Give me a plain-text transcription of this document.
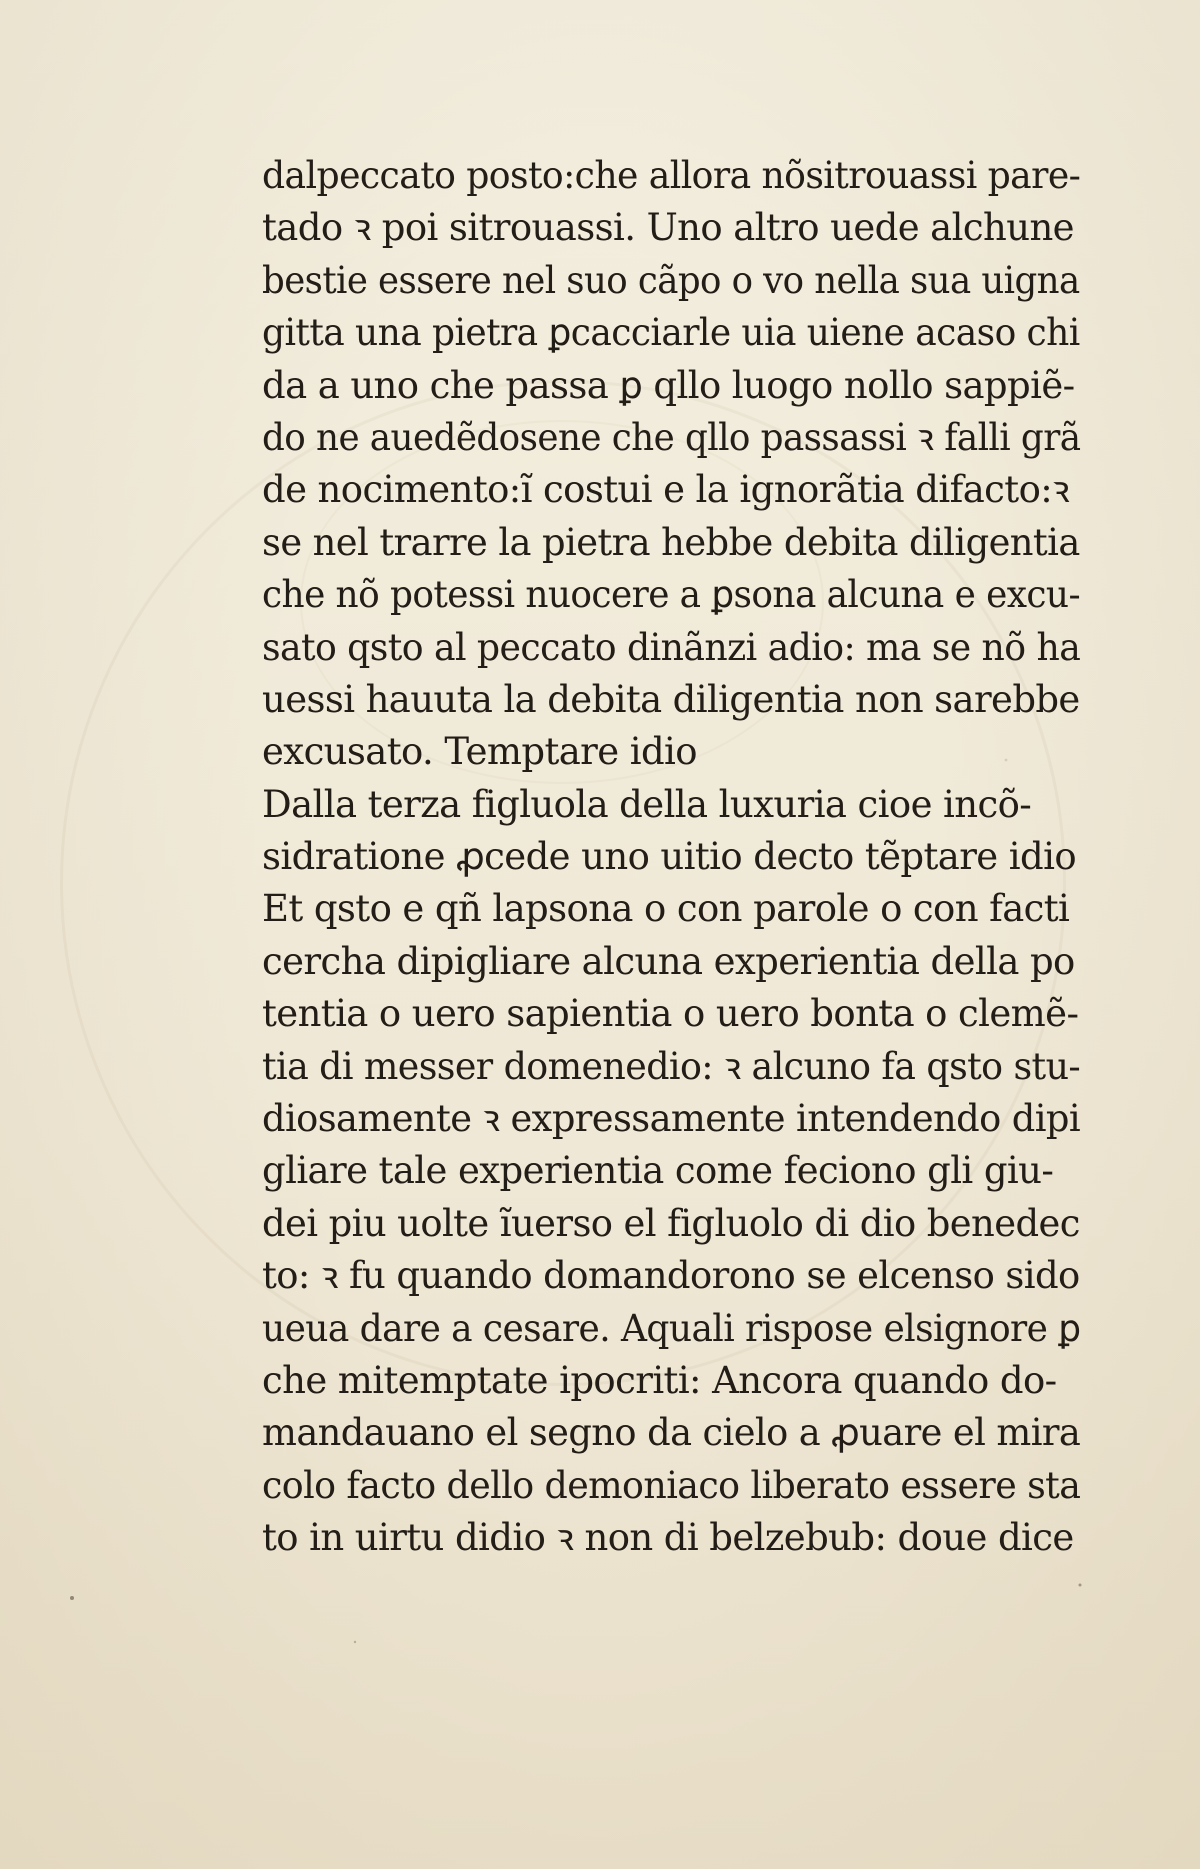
dalpeccato posto:che allora nõsitrouassi pare‐
tado ꝛ poi sitrouassi. Uno altro uede alchune
bestie essere nel suo cãpo o vo nella sua uigna
gitta una pietra ꝑcacciarle uia uiene acaso chi
da a uno che passa ꝑ qllo luogo nollo sappiẽ‐
do ne auedẽdosene che qllo passassi ꝛ falli grã
de nocimento:ĩ costui e la ignorãtia difacto:ꝛ
se nel trarre la pietra hebbe debita diligentia
che nõ potessi nuocere a ꝑsona alcuna e excu‐
sato qsto al peccato dinãnzi adio: ma se nõ ha
uessi hauuta la debita diligentia non sarebbe
excusato. Temptare idio
Dalla terza figluola della luxuria cioe incõ‐
sidratione ꝓcede uno uitio decto tẽptare idio
Et qsto e qñ lapsona o con parole o con facti
cercha dipigliare alcuna experientia della po
tentia o uero sapientia o uero bonta o clemẽ‐
tia di messer domenedio: ꝛ alcuno fa qsto stu‐
diosamente ꝛ expressamente intendendo dipi
gliare tale experientia come feciono gli giu‐
dei piu uolte ĩuerso el figluolo di dio benedec
to: ꝛ fu quando domandorono se elcenso sido
ueua dare a cesare. Aquali rispose elsignore ꝑ
che mitemptate ipocriti: Ancora quando do‐
mandauano el segno da cielo a ꝓuare el mira
colo facto dello demoniaco liberato essere sta
to in uirtu didio ꝛ non di belzebub: doue dice
